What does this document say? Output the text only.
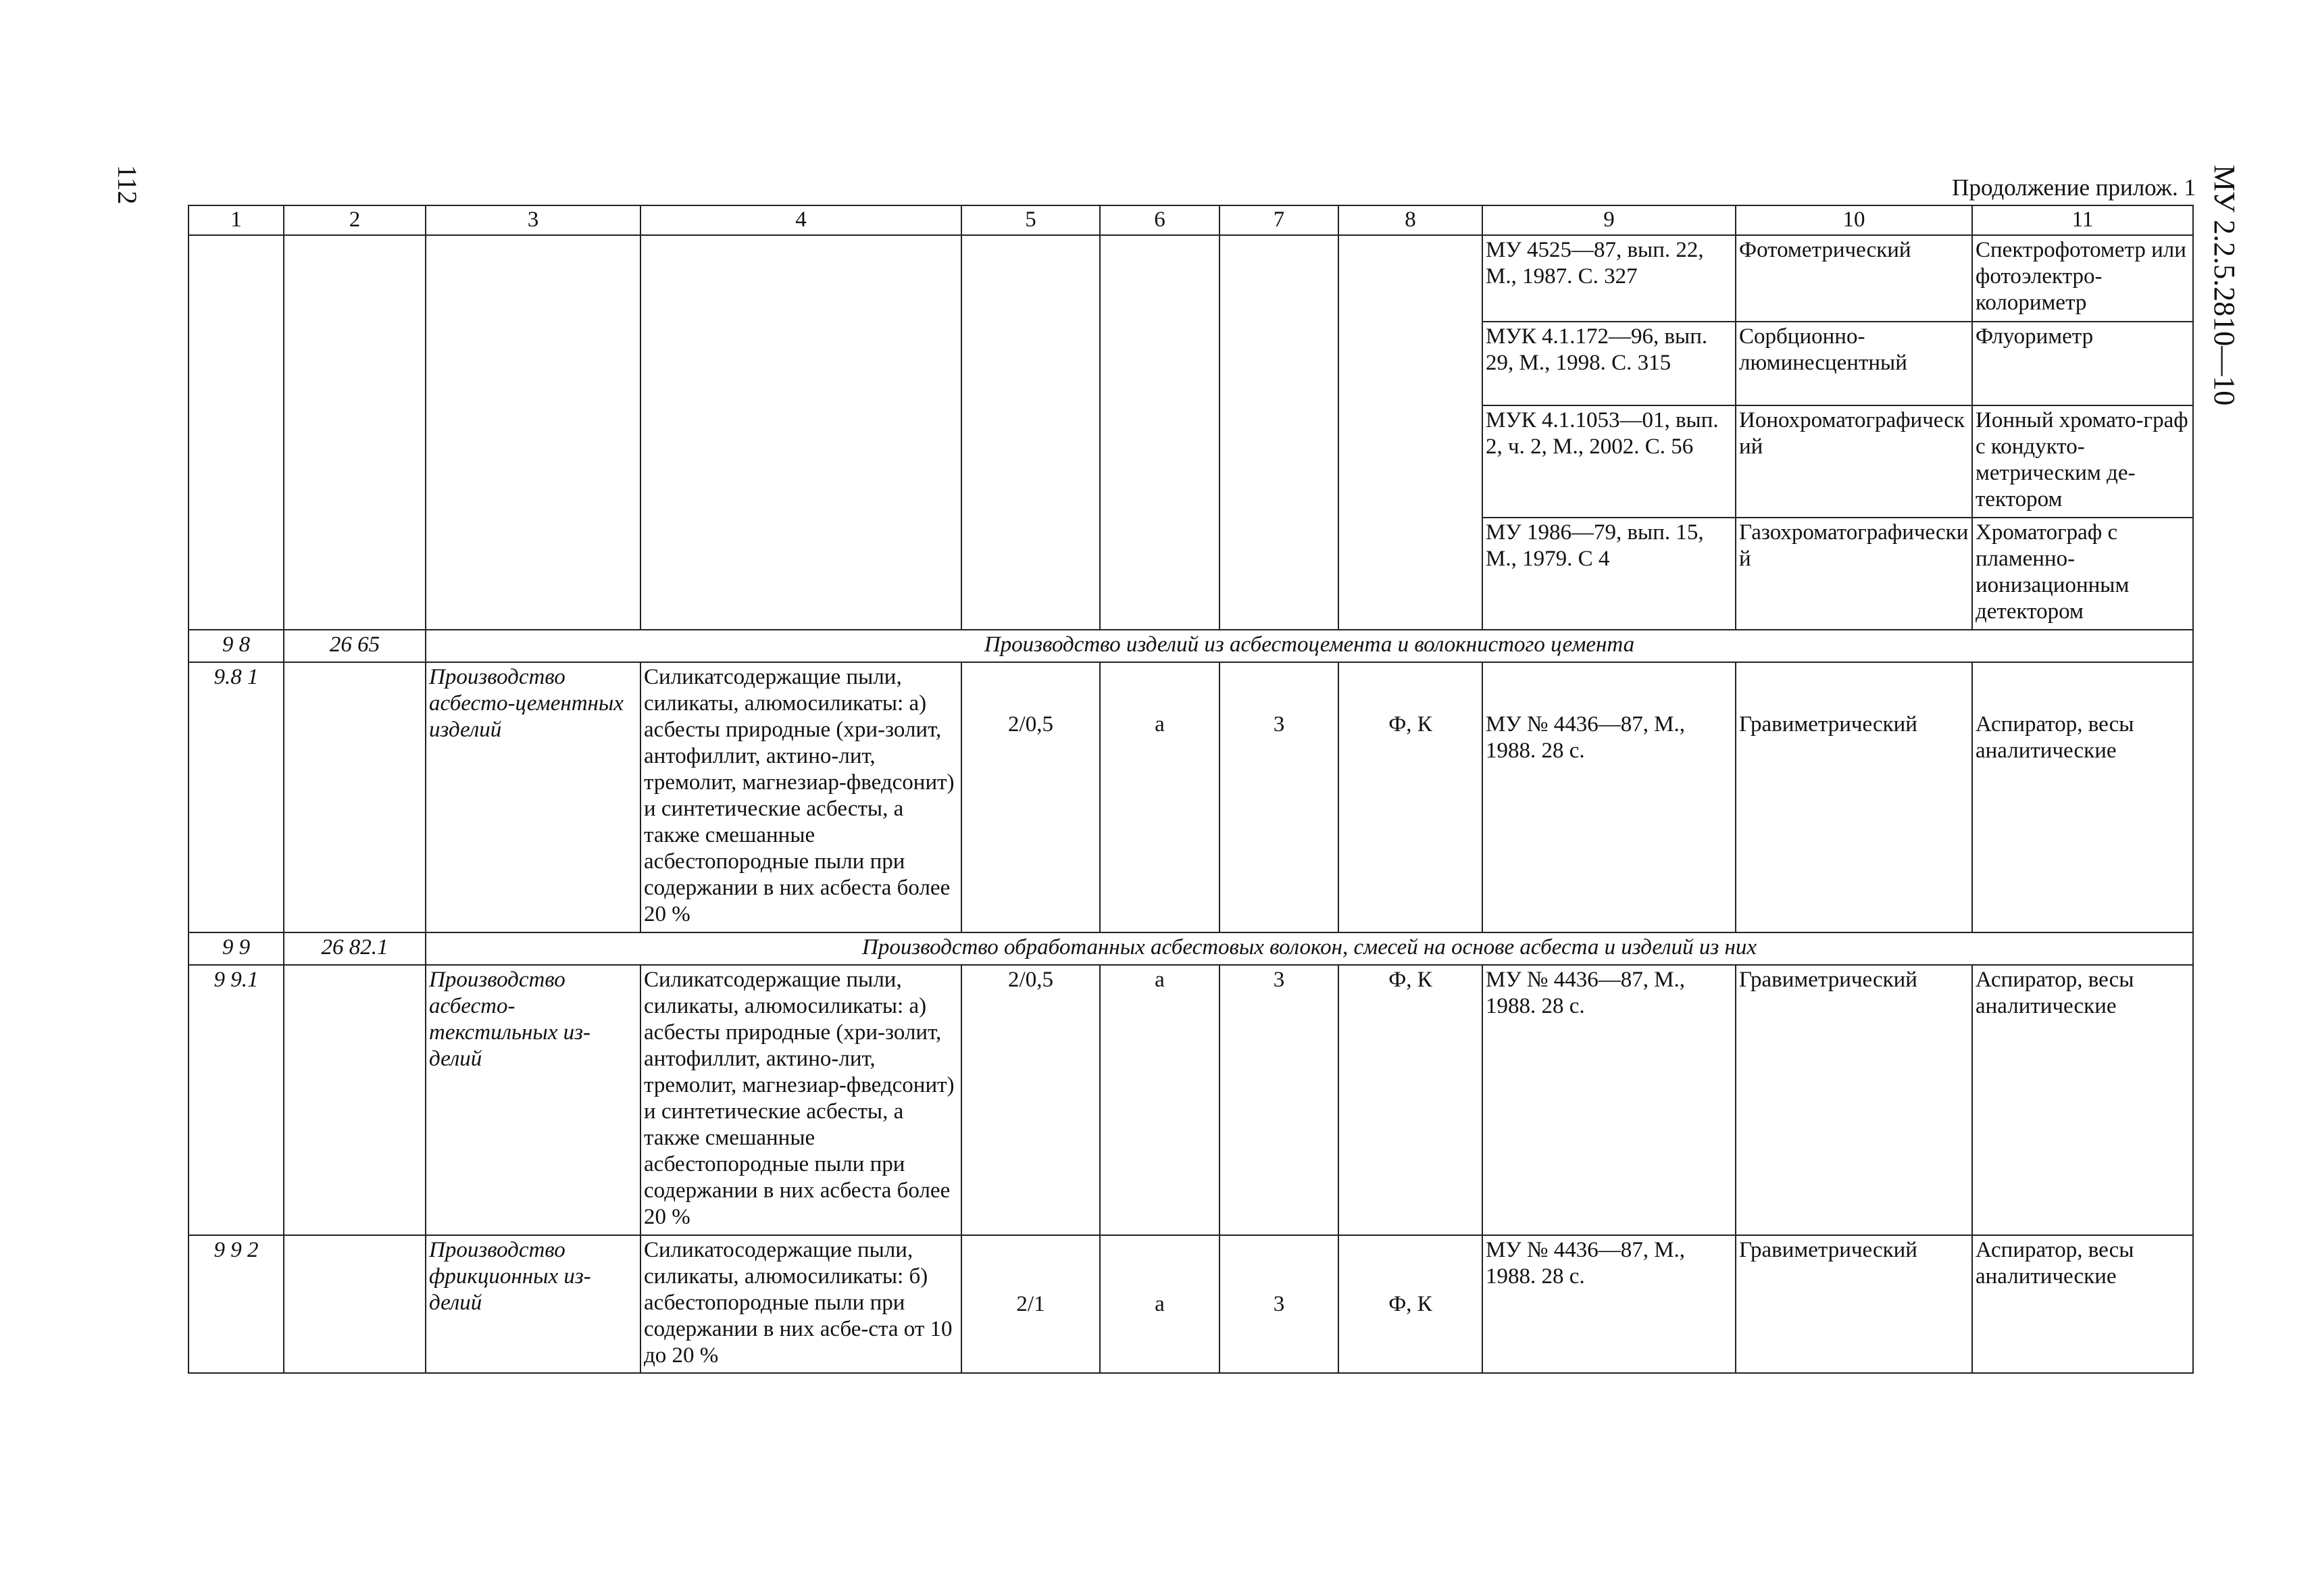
112	МУ 2.2.5.2810—10
Продолжение прилож. 1
1	2	3	4	5	6	7	8	9	10	11
								МУ 4525—87, вып. 22, М., 1987. С. 327	Фотометрический	Спектрофотометр или фотоэлектро-колориметр
								МУК 4.1.172—96, вып. 29, М., 1998. С. 315	Сорбционно-люминесцентный	Флуориметр
								МУК 4.1.1053—01, вып. 2, ч. 2, М., 2002. С. 56	Ионохроматографический	Ионный хромато-граф с кондукто-метрическим де-тектором
								МУ 1986—79, вып. 15, М., 1979. С 4	Газохроматографический	Хроматограф с пламенно-ионизационным детектором
9 8	26 65	Производство изделий из асбестоцемента и волокнистого цемента								
9.8 1		Производство асбесто-цементных изделий	Силикатсодержащие пыли, силикаты, алюмосиликаты: а) асбесты природные (хри-золит, антофиллит, актино-лит, тремолит, магнезиар-фведсонит) и синтетические асбесты, а также смешанные асбестопородные пыли при содержании в них асбеста более 20 %	2/0,5	а	3	Ф, К	МУ № 4436—87, М., 1988. 28 с.	Гравиметрический	Аспиратор, весы аналитические
9 9	26 82.1	Производство обработанных асбестовых волокон, смесей на основе асбеста и изделий из них								
9 9.1		Производство асбесто-текстильных из-делий	Силикатсодержащие пыли, силикаты, алюмосиликаты: а) асбесты природные (хри-золит, антофиллит, актино-лит, тремолит, магнезиар-фведсонит) и синтетические асбесты, а также смешанные асбестопородные пыли при содержании в них асбеста более 20 %	2/0,5	а	3	Ф, К	МУ № 4436—87, М., 1988. 28 с.	Гравиметрический	Аспиратор, весы аналитические
9 9 2		Производство фрикционных из-делий	Силикатосодержащие пыли, силикаты, алюмосиликаты: б) асбестопородные пыли при содержании в них асбе-ста от 10 до 20 %	2/1	а	3	Ф, К	МУ № 4436—87, М., 1988. 28 с.	Гравиметрический	Аспиратор, весы аналитические
